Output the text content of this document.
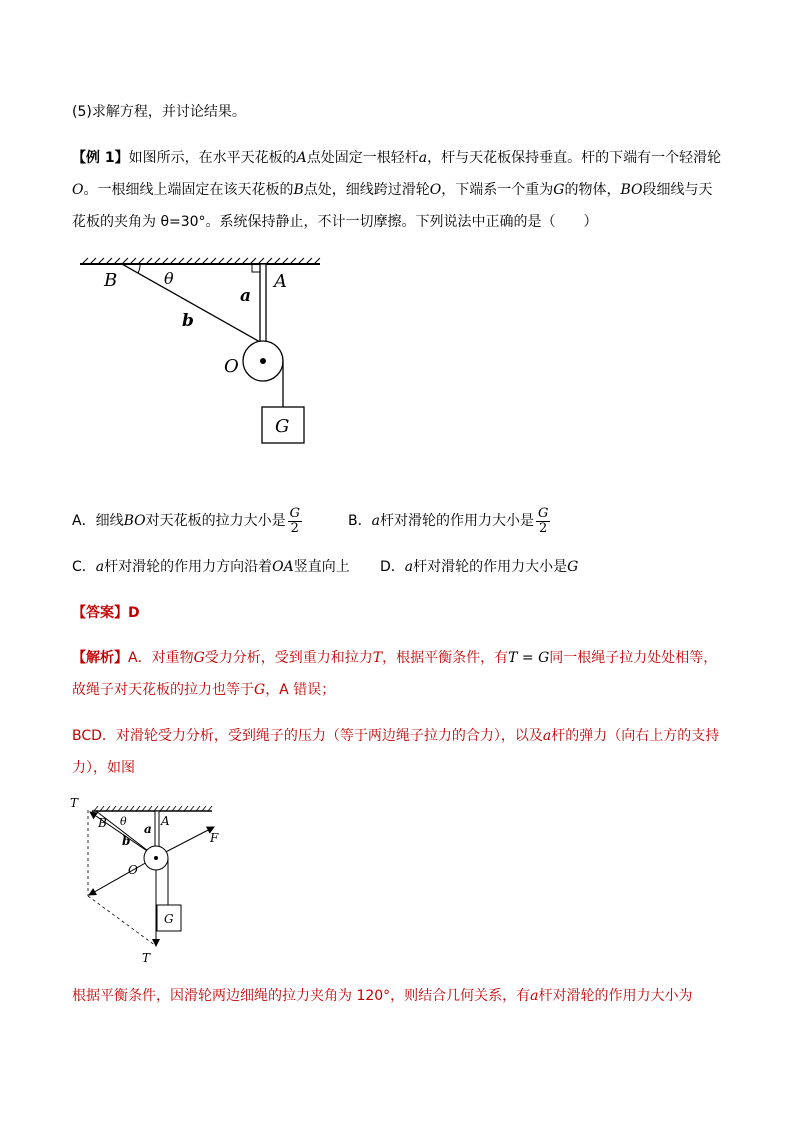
(5)求解方程，并讨论结果。
【例 1】如图所示，在水平天花板的A点处固定一根轻杆a，杆与天花板保持垂直。杆的下端有一个轻滑轮
O。一根细线上端固定在该天花板的B点处，细线跨过滑轮O，下端系一个重为G的物体，BO段细线与天
花板的夹角为 θ=30°。系统保持静止，不计一切摩擦。下列说法中正确的是（　　）
B	θ	A
a
b
O
G
A．细线BO对天花板的拉力大小是 $\frac{G}{2}$	B．a杆对滑轮的作用力大小是 $\frac{G}{2}$
C．a杆对滑轮的作用力方向沿着OA竖直向上 D．a杆对滑轮的作用力大小是G
【答案】D
【解析】A．对重物G受力分析，受到重力和拉力T，根据平衡条件，有T = G同一根绳子拉力处处相等，
故绳子对天花板的拉力也等于G，A 错误；
BCD．对滑轮受力分析，受到绳子的压力（等于两边绳子拉力的合力），以及a杆的弹力（向右上方的支持
力），如图
T
B θ
a
A
F
b
O
G
T
根据平衡条件，因滑轮两边细绳的拉力夹角为 120°，则结合几何关系，有a杆对滑轮的作用力大小为
